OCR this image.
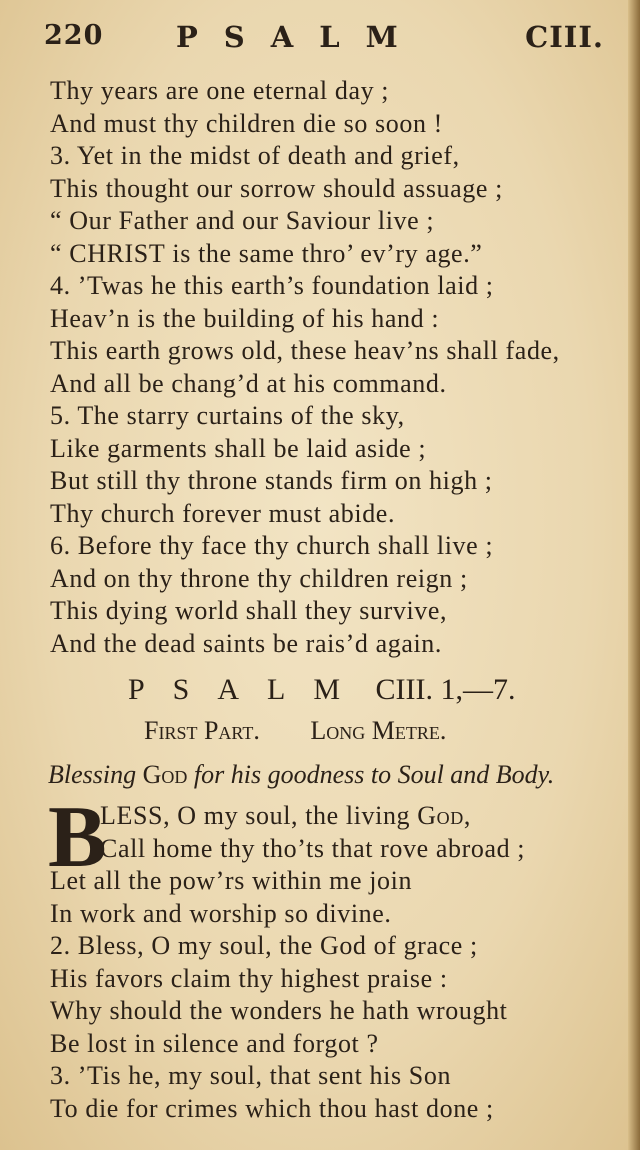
220	PSALM	CIII.
Thy years are one eternal day ;
And must thy children die so soon !
3. Yet in the midst of death and grief,
This thought our sorrow should assuage ;
“ Our Father and our Saviour live ;
“ CHRIST is the same thro’ ev’ry age.”
4. ’Twas he this earth’s foundation laid ;
Heav’n is the building of his hand :
This earth grows old, these heav’ns shall fade,
And all be chang’d at his command.
5. The starry curtains of the sky,
Like garments shall be laid aside ;
But still thy throne stands firm on high ;
Thy church forever must abide.
6. Before thy face thy church shall live ;
And on thy throne thy children reign ;
This dying world shall they survive,
And the dead saints be rais’d again.
PSALM CIII. 1,—7.
First Part. Long Metre.
Blessing God for his goodness to Soul and Body.
B
LESS, O my soul, the living God,
Call home thy tho’ts that rove abroad ;
Let all the pow’rs within me join
In work and worship so divine.
2. Bless, O my soul, the God of grace ;
His favors claim thy highest praise :
Why should the wonders he hath wrought
Be lost in silence and forgot ?
3. ’Tis he, my soul, that sent his Son
To die for crimes which thou hast done ;
